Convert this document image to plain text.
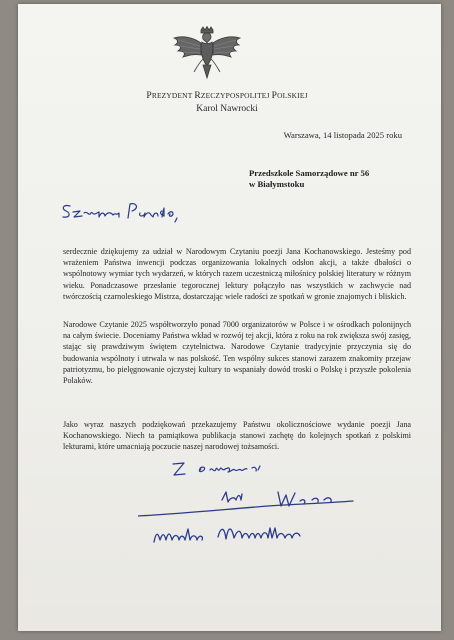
PREZYDENT RZECZYPOSPOLITEJ POLSKIEJ
Karol Nawrocki
Warszawa, 14 listopada 2025 roku
Przedszkole Samorządowe nr 56
w Białymstoku

serdecznie dziękujemy za udział w Narodowym Czytaniu poezji Jana Kochanowskiego. Jesteśmy pod wrażeniem Państwa inwencji podczas organizowania lokalnych odsłon akcji, a także dbałości o wspólnotowy wymiar tych wydarzeń, w których razem uczestniczą miłośnicy polskiej literatury w różnym wieku. Ponadczasowe przesłanie tegorocznej lektury połączyło nas wszystkich w zachwycie nad twórczością czarnoleskiego Mistrza, dostarczając wiele radości ze spotkań w gronie znajomych i bliskich.

Narodowe Czytanie 2025 współtworzyło ponad 7000 organizatorów w Polsce i w ośrodkach polonijnych na całym świecie. Doceniamy Państwa wkład w rozwój tej akcji, która z roku na rok zwiększa swój zasięg, stając się prawdziwym świętem czytelnictwa. Narodowe Czytanie tradycyjnie przyczynia się do budowania wspólnoty i utrwala w nas polskość. Ten wspólny sukces stanowi zarazem znakomity przejaw patriotyzmu, bo pielęgnowanie ojczystej kultury to wspaniały dowód troski o Polskę i przyszłe pokolenia Polaków.

Jako wyraz naszych podziękowań przekazujemy Państwu okolicznościowe wydanie poezji Jana Kochanowskiego. Niech ta pamiątkowa publikacja stanowi zachętę do kolejnych spotkań z polskimi lekturami, które umacniają poczucie naszej narodowej tożsamości.
